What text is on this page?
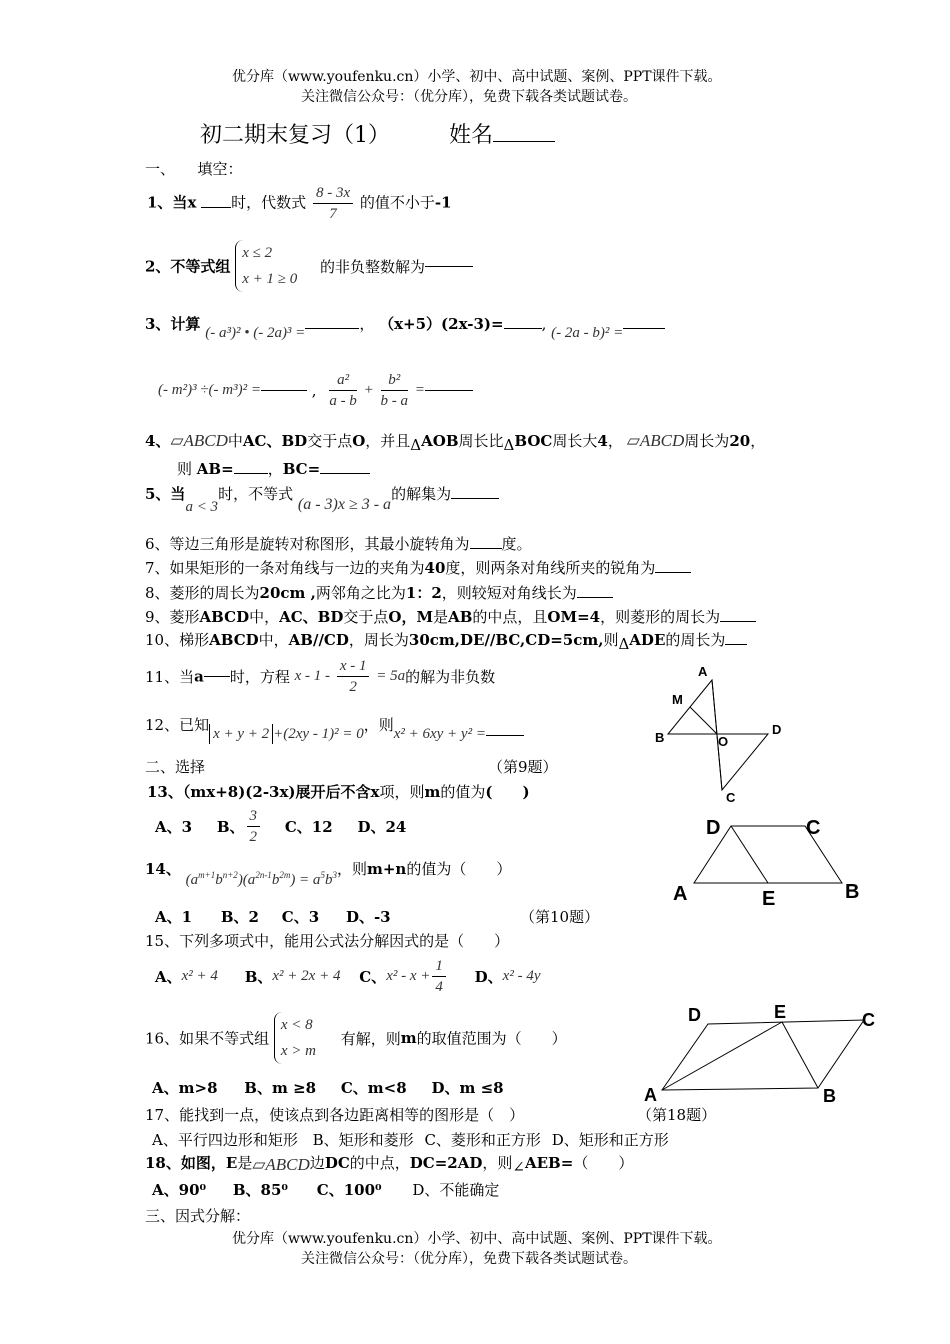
优分库（www.youfenku.cn）小学、初中、高中试题、案例、PPT课件下载。
关注微信公众号：（优分库），免费下载各类试题试卷。
初二期末复习（1）	姓名
一、　　填空：
1、当x 时，代数式 $\frac{8 - 3x}{7}$ 的值不小于-1
2、不等式组 x ≤ 2
x + 1 ≥ 0 的非负整数解为
3、计算 (- a³)² • (- 2a)³ =	， （x+5）(2x-3)=	, (- 2a - b)² =
(- m²)³ ÷(- m³)² =	, $\frac{\text{a²}}{a - b} + \frac{\text{b²}}{b - a}$ =
4、▱ABCD中AC、BD交于点O，并且ΔAOB周长比ΔBOC周长大4， ▱ABCD周长为20，
则 AB= ，BC=
5、当a < 3时，不等式 (a - 3)x ≥ 3 - a的解集为
6、等边三角形是旋转对称图形，其最小旋转角为 度。
7、如果矩形的一条对角线与一边的夹角为40度，则两条对角线所夹的锐角为
8、菱形的周长为20cm ,两邻角之比为1：2，则较短对角线长为
9、菱形ABCD中，AC、BD交于点O，M是AB的中点，且OM=4，则菱形的周长为
10、梯形ABCD中，AB//CD，周长为30cm,DE//BC,CD=5cm,则ΔADE的周长为
11、当a 时，方程 $x - 1 - \frac{x - 1}{2} = 5a$的解为非负数
12、已知 x + y + 2 +(2xy - 1)² = 0，则x² + 6xy + y² =
二、选择	（第9题）
13、（mx+8)(2-3x)展开后不含x项，则m的值为(　　)
A、3 B、 $\frac{3}{2}$ C、12 D、24
14、 $(a^{m+1}b^{n+2})(a^{2n-1}b^{2m}) = a^5b^3$，则m+n的值为（　　）
A、1 B、2 C、3 D、-3	（第10题）
15、下列多项式中，能用公式法分解因式的是（　　）
A、x² + 4 B、x² + 2x + 4 C、$x^2 - x + \frac{1}{4}$ D、x² - 4y
16、如果不等式组 x < 8
x > m 有解，则m的取值范围为（　　）
A、m>8 B、m ≥8 C、m<8 D、m ≤8
17、能找到一点，使该点到各边距离相等的图形是（　）	（第18题）
A、平行四边形和矩形 B、矩形和菱形 C、菱形和正方形 D、矩形和正方形
18、如图，E是▱ABCD边DC的中点，DC=2AD，则∠AEB=（　　）
A、90⁰ B、85⁰ C、100⁰ D、不能确定
三、因式分解：
优分库（www.youfenku.cn）小学、初中、高中试题、案例、PPT课件下载。
关注微信公众号：（优分库），免费下载各类试题试卷。
A
M
B	O
D
C
D	C
A	E	B
D	E	C
A	B
